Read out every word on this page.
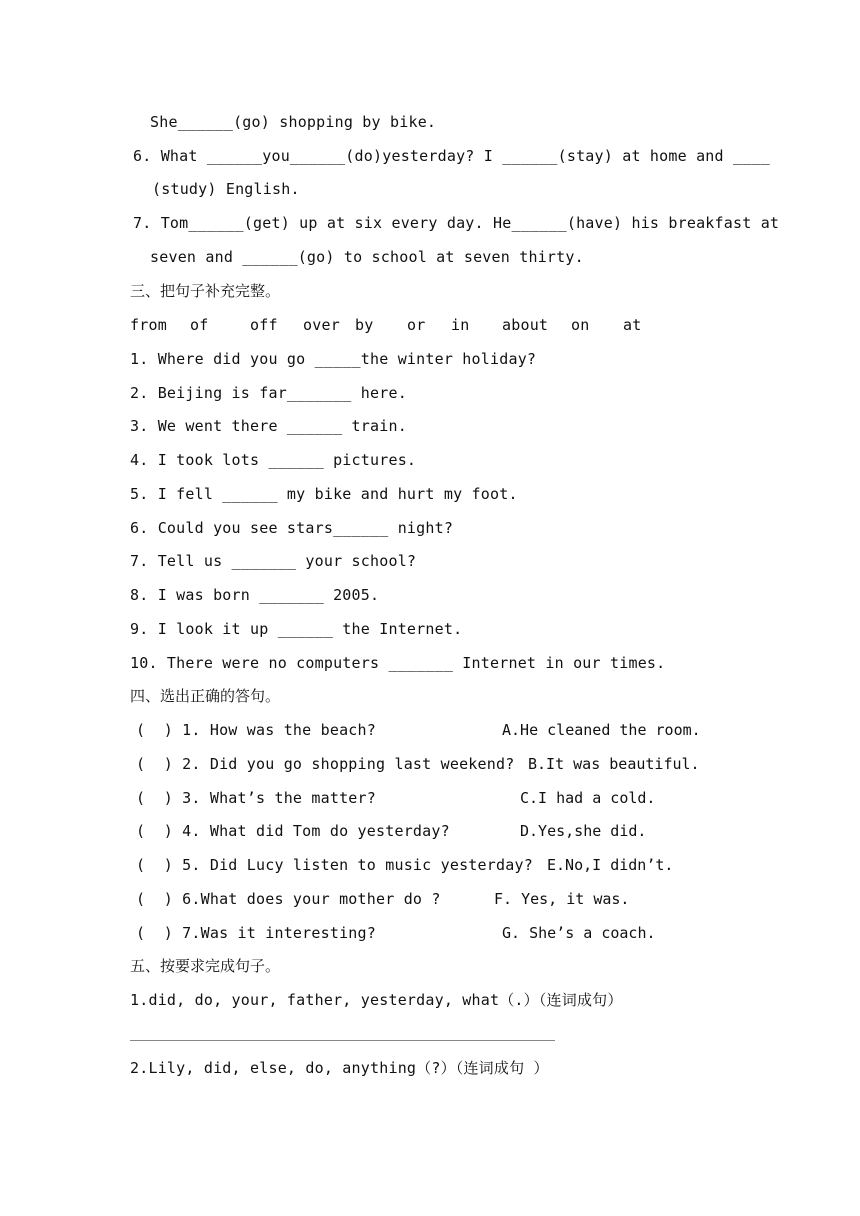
She______(go) shopping by bike.
6. What ______you______(do)yesterday? I ______(stay) at home and ____
(study) English.
7. Tom______(get) up at six every day. He______(have) his breakfast at
seven and ______(go) to school at seven thirty.
三、把句子补充完整。
from of	off over by or in about on at
1. Where did you go _____the winter holiday?
2. Beijing is far_______ here.
3. We went there ______ train.
4. I took lots ______ pictures.
5. I fell ______ my bike and hurt my foot.
6. Could you see stars______ night?
7. Tell us _______ your school?
8. I was born _______ 2005.
9. I look it up ______ the Internet.
10. There were no computers _______ Internet in our times.
四、选出正确的答句。
(  ) 1. How was the beach?	A.He cleaned the room.
(  ) 2. Did you go shopping last weekend? B.It was beautiful.
(  ) 3. What’s the matter?	C.I had a cold.
(  ) 4. What did Tom do yesterday?	D.Yes,she did.
(  ) 5. Did Lucy listen to music yesterday? E.No,I didn’t.
(  ) 6.What does your mother do ?	F. Yes, it was.
(  ) 7.Was it interesting?	G. She’s a coach.
五、按要求完成句子。
1.did, do, your, father, yesterday, what（.）（连词成句）
2.Lily, did, else, do, anything（?）（连词成句 ）
